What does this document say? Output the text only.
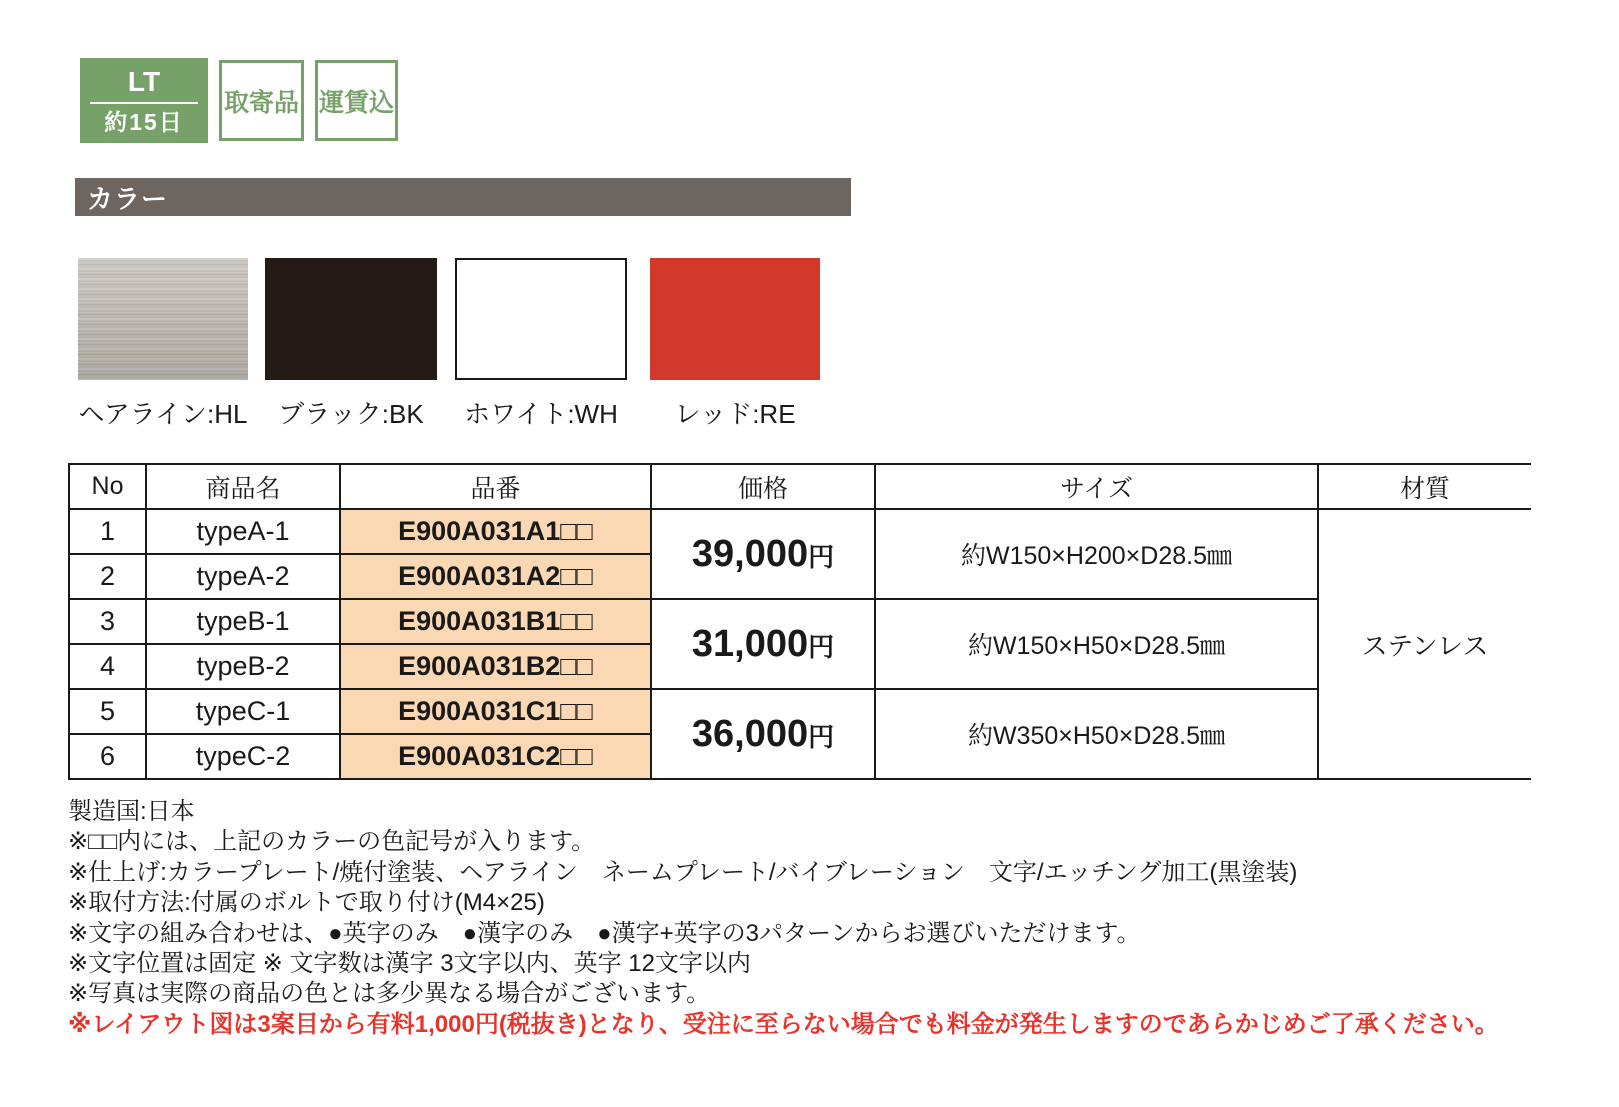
LT
約15日
取寄品 運賃込
カラー
ヘアライン:HL	ブラック:BK	ホワイト:WH	レッド:RE
No	商品名	品番	価格	サイズ	材質
1	typeA-1	E900A031A1□□	39,000円	約W150×H200×D28.5㎜	ステンレス
2	typeA-2	E900A031A2□□			
3	typeB-1	E900A031B1□□	31,000円	約W150×H50×D28.5㎜	
4	typeB-2	E900A031B2□□			
5	typeC-1	E900A031C1□□	36,000円	約W350×H50×D28.5㎜	
6	typeC-2	E900A031C2□□			
製造国:日本
※□□内には、上記のカラーの色記号が入ります。
※仕上げ:カラープレート/焼付塗装、ヘアライン　ネームプレート/バイブレーション　文字/エッチング加工(黒塗装)
※取付方法:付属のボルトで取り付け(M4×25)
※文字の組み合わせは、●英字のみ　●漢字のみ　●漢字+英字の3パターンからお選びいただけます。
※文字位置は固定 ※ 文字数は漢字 3文字以内、英字 12文字以内
※写真は実際の商品の色とは多少異なる場合がございます。
※レイアウト図は3案目から有料1,000円(税抜き)となり、受注に至らない場合でも料金が発生しますのであらかじめご了承ください。
